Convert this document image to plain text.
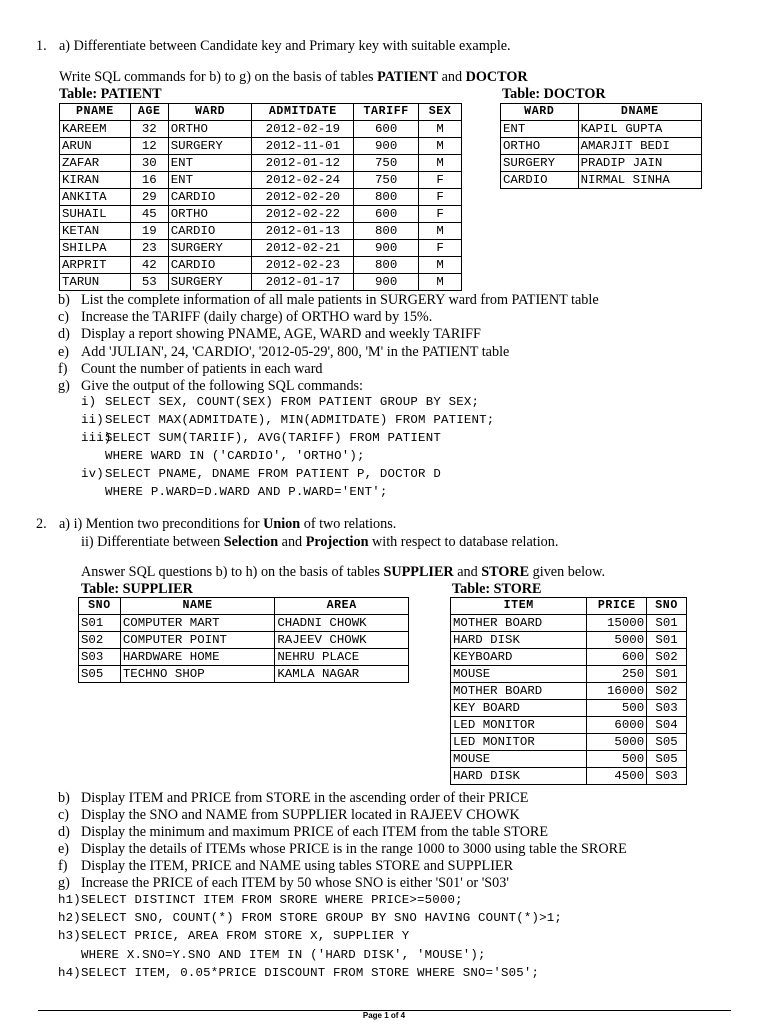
1. a) Differentiate between Candidate key and Primary key with suitable example.
Write SQL commands for b) to g) on the basis of tables PATIENT and DOCTOR
Table: PATIENT	Table: DOCTOR
PNAME	AGE	WARD	ADMITDATE	TARIFF	SEX
KAREEM	32	ORTHO	2012-02-19	600	M
ARUN	12	SURGERY	2012-11-01	900	M
ZAFAR	30	ENT	2012-01-12	750	M
KIRAN	16	ENT	2012-02-24	750	F
ANKITA	29	CARDIO	2012-02-20	800	F
SUHAIL	45	ORTHO	2012-02-22	600	F
KETAN	19	CARDIO	2012-01-13	800	M
SHILPA	23	SURGERY	2012-02-21	900	F
ARPRIT	42	CARDIO	2012-02-23	800	M
TARUN	53	SURGERY	2012-01-17	900	M
WARD	DNAME
ENT	KAPIL GUPTA
ORTHO	AMARJIT BEDI
SURGERY	PRADIP JAIN
CARDIO	NIRMAL SINHA
b) List the complete information of all male patients in SURGERY ward from PATIENT table
c) Increase the TARIFF (daily charge) of ORTHO ward by 15%.
d) Display a report showing PNAME, AGE, WARD and weekly TARIFF
e) Add 'JULIAN', 24, 'CARDIO', '2012-05-29', 800, 'M' in the PATIENT table
f) Count the number of patients in each ward
g) Give the output of the following SQL commands:
i) SELECT SEX, COUNT(SEX) FROM PATIENT GROUP BY SEX;
ii) SELECT MAX(ADMITDATE), MIN(ADMITDATE) FROM PATIENT;
iii)
SELECT SUM(TARIIF), AVG(TARIFF) FROM PATIENT
WHERE WARD IN ('CARDIO', 'ORTHO');
iv) SELECT PNAME, DNAME FROM PATIENT P, DOCTOR D
WHERE P.WARD=D.WARD AND P.WARD='ENT';
2. a) i) Mention two preconditions for Union of two relations.
ii) Differentiate between Selection and Projection with respect to database relation.
Answer SQL questions b) to h) on the basis of tables SUPPLIER and STORE given below.
Table: SUPPLIER	Table: STORE
SNO	NAME	AREA
S01	COMPUTER MART	CHADNI CHOWK
S02	COMPUTER POINT	RAJEEV CHOWK
S03	HARDWARE HOME	NEHRU PLACE
S05	TECHNO SHOP	KAMLA NAGAR
ITEM	PRICE	SNO
MOTHER BOARD	15000	S01
HARD DISK	5000	S01
KEYBOARD	600	S02
MOUSE	250	S01
MOTHER BOARD	16000	S02
KEY BOARD	500	S03
LED MONITOR	6000	S04
LED MONITOR	5000	S05
MOUSE	500	S05
HARD DISK	4500	S03
b) Display ITEM and PRICE from STORE in the ascending order of their PRICE
c) Display the SNO and NAME from SUPPLIER located in RAJEEV CHOWK
d) Display the minimum and maximum PRICE of each ITEM from the table STORE
e) Display the details of ITEMs whose PRICE is in the range 1000 to 3000 using table the SRORE
f) Display the ITEM, PRICE and NAME using tables STORE and SUPPLIER
g) Increase the PRICE of each ITEM by 50 whose SNO is either 'S01' or 'S03'
h1) SELECT DISTINCT ITEM FROM SRORE WHERE PRICE>=5000;
h2) SELECT SNO, COUNT(*) FROM STORE GROUP BY SNO HAVING COUNT(*)>1;
h3) SELECT PRICE, AREA FROM STORE X, SUPPLIER Y
WHERE X.SNO=Y.SNO AND ITEM IN ('HARD DISK', 'MOUSE');
h4) SELECT ITEM, 0.05*PRICE DISCOUNT FROM STORE WHERE SNO='S05';
Page 1 of 4
